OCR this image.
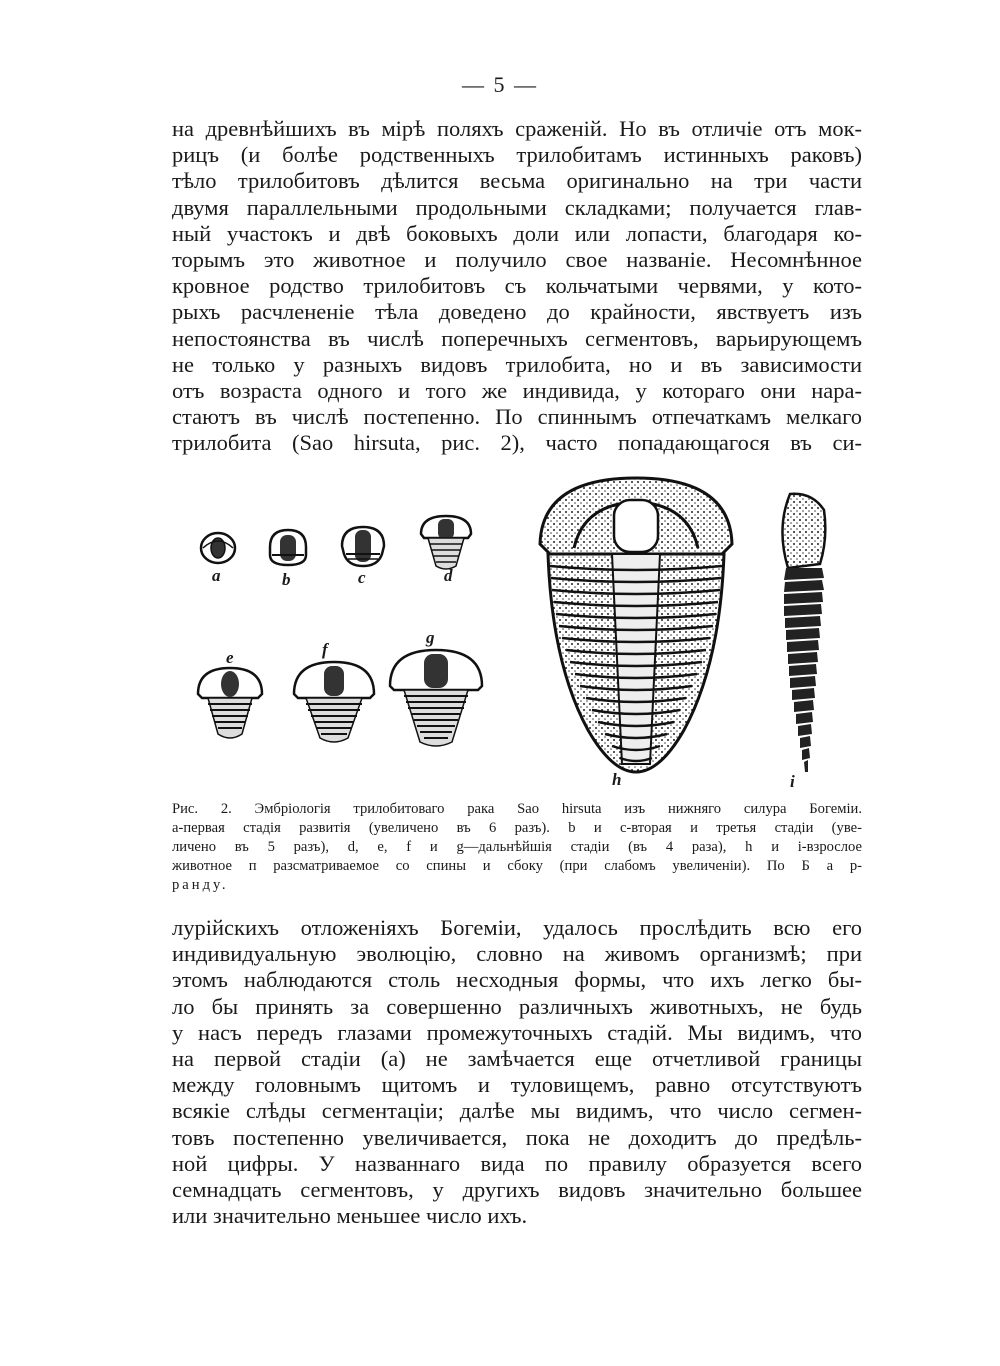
— 5 —
на древнѣйшихъ въ мірѣ поляхъ сраженій. Но въ отличіе отъ мок-
рицъ (и болѣе родственныхъ трилобитамъ истинныхъ раковъ)
тѣло трилобитовъ дѣлится весьма оригинально на три части
двумя параллельными продольными складками; получается глав-
ный участокъ и двѣ боковыхъ доли или лопасти, благодаря ко-
торымъ это животное и получило свое названіе. Несомнѣнное
кровное родство трилобитовъ съ кольчатыми червями, у кото-
рыхъ расчлененіе тѣла доведено до крайности, явствуетъ изъ
непостоянства въ числѣ поперечныхъ сегментовъ, варьирующемъ
не только у разныхъ видовъ трилобита, но и въ зависимости
отъ возраста одного и того же индивида, у котораго они нара-
стаютъ въ числѣ постепенно. По спиннымъ отпечаткамъ мелкаго
трилобита (Sao hirsuta, рис. 2), часто попадающагося въ си-
a	b	c	d
e	f
g
h	i
Рис. 2. Эмбріологія трилобитоваго рака Sao hirsuta изъ нижняго силура Богеміи.
a-первая стадія развитія (увеличено въ 6 разъ). b и c-вторая и третья стадіи (уве-
личено въ 5 разъ), d, e, f и g—дальнѣйшія стадіи (въ 4 раза), h и i-взрослое
животное п разсматриваемое со спины и сбоку (при слабомъ увеличеніи). По Б а р-
ранду.
лурійскихъ отложеніяхъ Богеміи, удалось прослѣдить всю его
индивидуальную эволюцію, словно на живомъ организмѣ; при
этомъ наблюдаются столь несходныя формы, что ихъ легко бы-
ло бы принять за совершенно различныхъ животныхъ, не будь
у насъ передъ глазами промежуточныхъ стадій. Мы видимъ, что
на первой стадіи (a) не замѣчается еще отчетливой границы
между головнымъ щитомъ и туловищемъ, равно отсутствуютъ
всякіе слѣды сегментаціи; далѣе мы видимъ, что число сегмен-
товъ постепенно увеличивается, пока не доходитъ до предѣль-
ной цифры. У названнаго вида по правилу образуется всего
семнадцать сегментовъ, у другихъ видовъ значительно большее
или значительно меньшее число ихъ.
